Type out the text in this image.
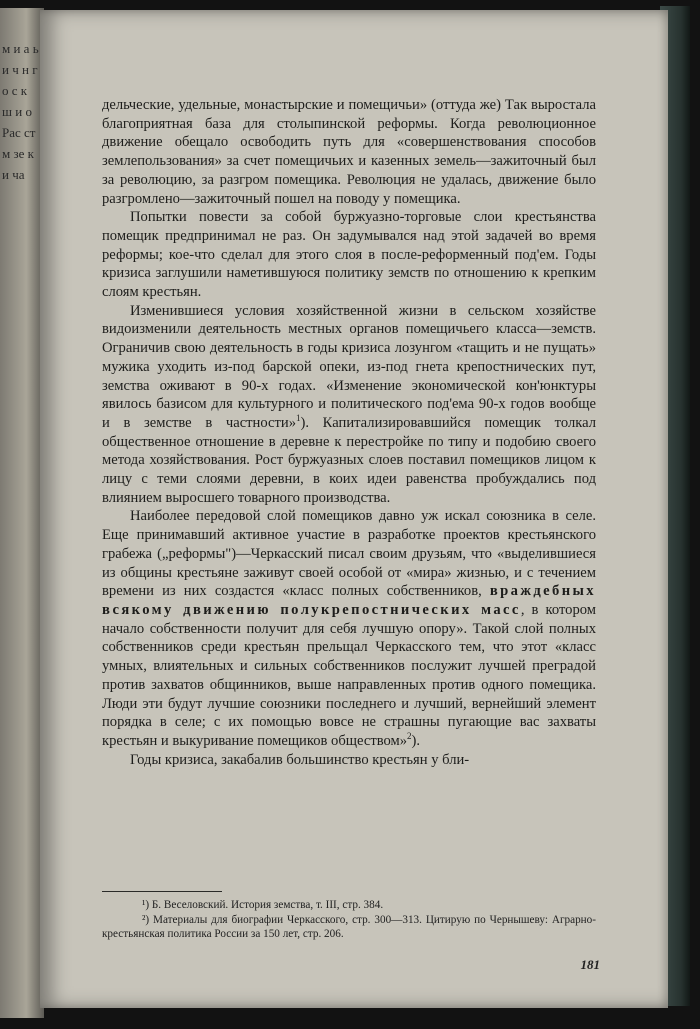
м и а ьи ч н го с к ш и о Рас ст м зе ки ча

дельческие, удельные, монастырские и помещичьи» (оттуда же) Так выростала благоприятная база для столыпинской реформы. Когда революционное движение обещало освободить путь для «совершенствования способов землепользования» за счет помещичьих и казенных земель—зажиточный был за революцию, за разгром помещика. Революция не удалась, движение было разгромлено—зажиточный пошел на поводу у помещика.

Попытки повести за собой буржуазно-торговые слои крестьянства помещик предпринимал не раз. Он задумывался над этой задачей во время реформы; кое-что сделал для этого слоя в после-реформенный под'ем. Годы кризиса заглушили наметившуюся политику земств по отношению к крепким слоям крестьян.

Изменившиеся условия хозяйственной жизни в сельском хозяйстве видоизменили деятельность местных органов помещичьего класса—земств. Ограничив свою деятельность в годы кризиса лозунгом «тащить и не пущать» мужика уходить из-под барской опеки, из-под гнета крепостнических пут, земства оживают в 90-х годах. «Изменение экономической кон'юнктуры явилось базисом для культурного и политического под'ема 90-х годов вообще и в земстве в частности»$^1$). Капитализировавшийся помещик толкал общественное отношение в деревне к перестройке по типу и подобию своего метода хозяйствования. Рост буржуазных слоев поставил помещиков лицом к лицу с теми слоями деревни, в коих идеи равенства пробуждались под влиянием выросшего товарного производства.

Наиболее передовой слой помещиков давно уж искал союзника в селе. Еще принимавший активное участие в разработке проектов крестьянского грабежа („реформы")—Черкасский писал своим друзьям, что «выделившиеся из общины крестьяне заживут своей особой от «мира» жизнью, и с течением времени из них создастся «класс полных собственников, враждебных всякому движению полукрепостнических масс, в котором начало собственности получит для себя лучшую опору». Такой слой полных собственников среди крестьян прельщал Черкасского тем, что этот «класс умных, влиятельных и сильных собственников послужит лучшей преградой против захватов общинников, выше направленных против одного помещика. Люди эти будут лучшие союзники последнего и лучший, вернейший элемент порядка в селе; с их помощью вовсе не страшны пугающие вас захваты крестьян и выкуривание помещиков обществом»$^2$).

Годы кризиса, закабалив большинство крестьян у бли-

¹) Б. Веселовский. История земства, т. III, стр. 384.

²) Материалы для биографии Черкасского, стр. 300—313. Цитирую по Чернышеву: Аграрно-крестьянская политика России за 150 лет, стр. 206.

181
